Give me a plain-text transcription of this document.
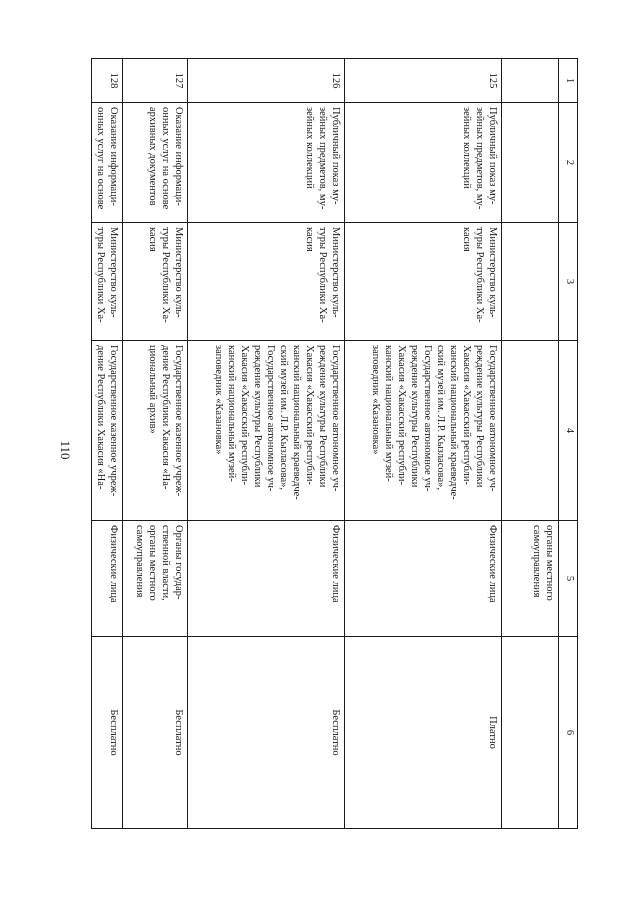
110
1	2	3	4	5	6
				органы местного самоуправления	
125	Публичный показ му-зейных предметов, му-зейных коллекций	Министерство куль-туры Республики Ха-касия	Государственное автономное уч-реждение культуры Республики Хакасия «Хакасский республи-канский национальный краеведче-ский музей им. Л.Р. Кызласова», Государственное автономное уч-реждение культуры Республики Хакасия «Хакасский республи-канский национальный музей-заповедник «Казановка»	Физические лица	Платно
126	Публичный показ му-зейных предметов, му-зейных коллекций	Министерство куль-туры Республики Ха-касия	Государственное автономное уч-реждение культуры Республики Хакасия «Хакасский республи-канский национальный краеведче-ский музей им. Л.Р. Кызласова», Государственное автономное уч-реждение культуры Республики Хакасия «Хакасский республи-канский национальный музей-заповедник «Казановка»	Физические лица	Бесплатно
127	Оказание информаци-онных услуг на основе архивных документов	Министерство куль-туры Республики Ха-касия	Государственное казенное учреж-дение Республики Хакасия «На-циональный архив»	Органы государ-ственной власти, органы местного самоуправления	Бесплатно
128	Оказание информаци-онных услуг на основе	Министерство куль-туры Республики Ха-	Государственное казенное учреж-дение Республики Хакасия «На-	Физические лица	Бесплатно
